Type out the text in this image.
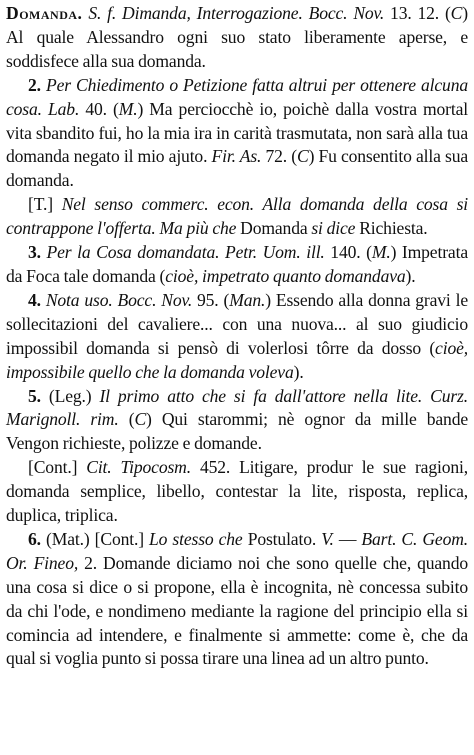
Domanda. S. f. Dimanda, Interrogazione. Bocc. Nov. 13. 12. (C) Al quale Alessandro ogni suo stato liberamente aperse, e soddisfece alla sua domanda.

2. Per Chiedimento o Petizione fatta altrui per ottenere alcuna cosa. Lab. 40. (M.) Ma perciocchè io, poichè dalla vostra mortal vita sbandito fui, ho la mia ira in carità trasmutata, non sarà alla tua domanda negato il mio ajuto. Fir. As. 72. (C) Fu consentito alla sua domanda.

[T.] Nel senso commerc. econ. Alla domanda della cosa si contrappone l'offerta. Ma più che Domanda si dice Richiesta.

3. Per la Cosa domandata. Petr. Uom. ill. 140. (M.) Impetrata da Foca tale domanda (cioè, impetrato quanto domandava).

4. Nota uso. Bocc. Nov. 95. (Man.) Essendo alla donna gravi le sollecitazioni del cavaliere... con una nuova... al suo giudicio impossibil domanda si pensò di volerlosi tôrre da dosso (cioè, impossibile quello che la domanda voleva).

5. (Leg.) Il primo atto che si fa dall'attore nella lite. Curz. Marignoll. rim. (C) Qui starommi; nè ognor da mille bande Vengon richieste, polizze e domande.

[Cont.] Cit. Tipocosm. 452. Litigare, produr le sue ragioni, domanda semplice, libello, contestar la lite, risposta, replica, duplica, triplica.

6. (Mat.) [Cont.] Lo stesso che Postulato. V. — Bart. C. Geom. Or. Fineo, 2. Domande diciamo noi che sono quelle che, quando una cosa si dice o si propone, ella è incognita, nè concessa subito da chi l'ode, e nondimeno mediante la ragione del principio ella si comincia ad intendere, e finalmente si ammette: come è, che da qual si voglia punto si possa tirare una linea ad un altro punto.
